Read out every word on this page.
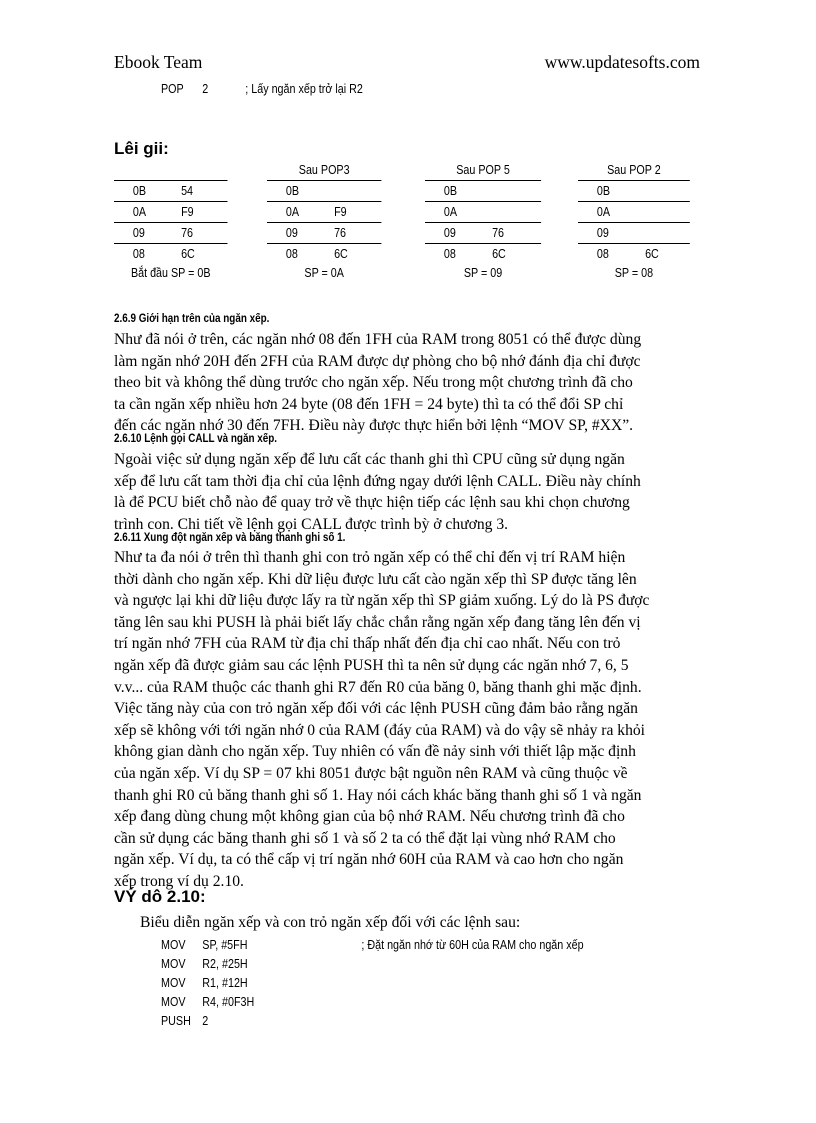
Ebook Team	www.updatesofts.com
POP 2	; Lấy ngăn xếp trở lại R2
Lêi gii:
0B	54
0A	F9
09	76
08	6C
Bắt đầu SP = 0B
Sau POP3
0B
0A	F9
09	76
08	6C
SP = 0A
Sau POP 5
0B
0A
09	76
08	6C
SP = 09
Sau POP 2
0B
0A
09
08	6C
SP = 08
2.6.9 Giới hạn trên của ngăn xếp.
Như đã nói ở trên, các ngăn nhớ 08 đến 1FH của RAM trong 8051 có thể được dùng
làm ngăn nhớ 20H đến 2FH của RAM được dự phòng cho bộ nhớ đánh địa chỉ được
theo bit và không thể dùng trước cho ngăn xếp. Nếu trong một chương trình đã cho
ta cần ngăn xếp nhiều hơn 24 byte (08 đến 1FH = 24 byte) thì ta có thể đổi SP chỉ
đến các ngăn nhớ 30 đến 7FH. Điều này được thực hiển bởi lệnh “MOV SP, #XX”.
2.6.10 Lệnh gọi CALL và ngăn xếp.
Ngoài việc sử dụng ngăn xếp để lưu cất các thanh ghi thì CPU cũng sử dụng ngăn
xếp để lưu cất tam thời địa chỉ của lệnh đứng ngay dưới lệnh CALL. Điều này chính
là để PCU biết chỗ nào để quay trở về thực hiện tiếp các lệnh sau khi chọn chương
trình con. Chi tiết về lệnh gọi CALL được trình bỳ ở chương 3.
2.6.11 Xung đột ngăn xếp và băng thanh ghi số 1.
Như ta đa nói ở trên thì thanh ghi con trỏ ngăn xếp có thể chỉ đến vị trí RAM hiện
thời dành cho ngăn xếp. Khi dữ liệu được lưu cất cào ngăn xếp thì SP được tăng lên
và ngược lại khi dữ liệu được lấy ra từ ngăn xếp thì SP giảm xuống. Lý do là PS được
tăng lên sau khi PUSH là phải biết lấy chắc chắn rằng ngăn xếp đang tăng lên đến vị
trí ngăn nhớ 7FH của RAM từ địa chỉ thấp nhất đến địa chỉ cao nhất. Nếu con trỏ
ngăn xếp đã được giảm sau các lệnh PUSH thì ta nên sử dụng các ngăn nhớ 7, 6, 5
v.v... của RAM thuộc các thanh ghi R7 đến R0 của băng 0, băng thanh ghi mặc định.
Việc tăng này của con trỏ ngăn xếp đối với các lệnh PUSH cũng đảm bảo rằng ngăn
xếp sẽ không với tới ngăn nhớ 0 của RAM (đáy của RAM) và do vậy sẽ nhảy ra khỏi
không gian dành cho ngăn xếp. Tuy nhiên có vấn đề nảy sinh với thiết lập mặc định
của ngăn xếp. Ví dụ SP = 07 khi 8051 được bật nguồn nên RAM và cũng thuộc về
thanh ghi R0 củ băng thanh ghi số 1. Hay nói cách khác băng thanh ghi số 1 và ngăn
xếp đang dùng chung một không gian của bộ nhớ RAM. Nếu chương trình đã cho
cần sử dụng các băng thanh ghi số 1 và số 2 ta có thể đặt lại vùng nhớ RAM cho
ngăn xếp. Ví dụ, ta có thể cấp vị trí ngăn nhớ 60H của RAM và cao hơn cho ngăn
xếp trong ví dụ 2.10.
VÝ dô 2.10:
Biểu diễn ngăn xếp và con trỏ ngăn xếp đối với các lệnh sau:
MOV SP, #5FH	; Đặt ngăn nhớ từ 60H của RAM cho ngăn xếp
MOV R2, #25H
MOV R1, #12H
MOV R4, #0F3H
PUSH 2
